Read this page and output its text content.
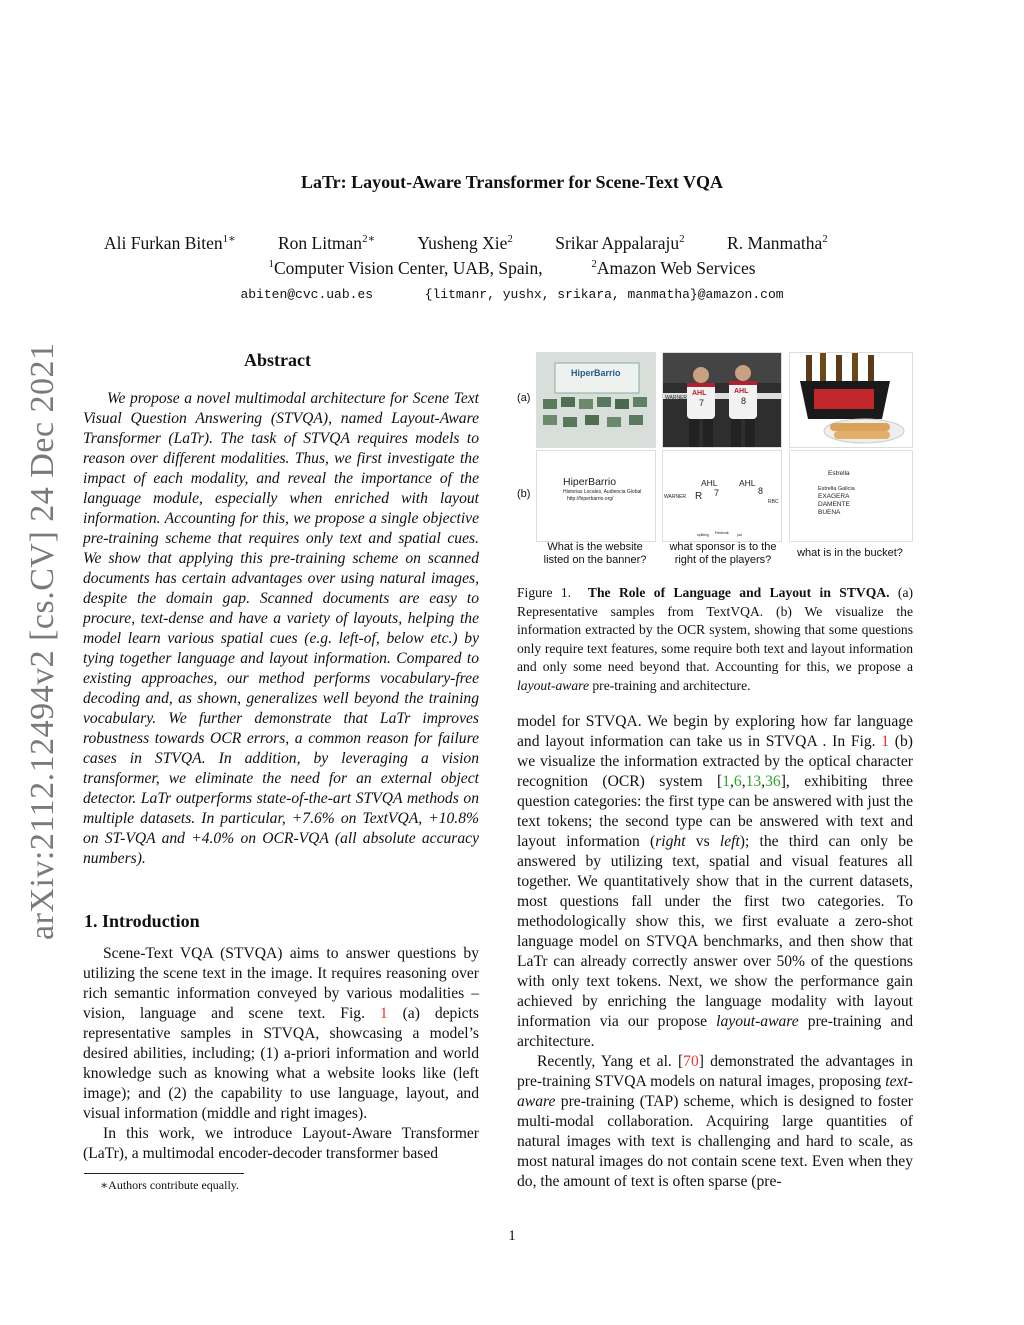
LaTr: Layout-Aware Transformer for Scene-Text VQA
Ali Furkan Biten$^{1∗}$ Ron Litman$^{2∗}$ Yusheng Xie$^2$ Srikar Appalaraju$^2$ R. Manmatha$^2$
$^1$Computer Vision Center, UAB, Spain,	$^2$Amazon Web Services
abiten@cvc.uab.es	{litmanr, yushx, srikara, manmatha}@amazon.com
arXiv:2112.12494v2 [cs.CV] 24 Dec 2021	Abstract
We propose a novel multimodal architecture for Scene Text Visual Question Answering (STVQA), named Layout-Aware Transformer (LaTr). The task of STVQA requires models to reason over different modalities. Thus, we first investigate the impact of each modality, and reveal the importance of the language module, especially when enriched with layout information. Accounting for this, we propose a single objective pre-training scheme that requires only text and spatial cues. We show that applying this pre-training scheme on scanned documents has certain advantages over using natural images, despite the domain gap. Scanned documents are easy to procure, text-dense and have a variety of layouts, helping the model learn various spatial cues (e.g. left-of, below etc.) by tying together language and layout information. Compared to existing approaches, our method performs vocabulary-free decoding and, as shown, generalizes well beyond the training vocabulary. We further demonstrate that LaTr improves robustness towards OCR errors, a common reason for failure cases in STVQA. In addition, by leveraging a vision transformer, we eliminate the need for an external object detector. LaTr outperforms state-of-the-art STVQA methods on multiple datasets. In particular, +7.6% on TextVQA, +10.8% on ST-VQA and +4.0% on OCR-VQA (all absolute accuracy numbers).
1. Introduction

Scene-Text VQA (STVQA) aims to answer questions by utilizing the scene text in the image. It requires reasoning over rich semantic information conveyed by various modalities – vision, language and scene text. Fig. 1 (a) depicts representative samples in STVQA, showcasing a model’s desired abilities, including; (1) a-priori information and world knowledge such as knowing what a website looks like (left image); and (2) the capability to use language, layout, and visual information (middle and right images).

In this work, we introduce Layout-Aware Transformer (LaTr), a multimodal encoder-decoder transformer based

∗Authors contribute equally.
(a)
(b)
HiperBarrio
AHL	AHL
7	8
WARNER
HiperBarrio
Historias Locales, Audiencia Global
http://hiperbarrio.org/
AHL	AHL
8
R 7
WARNER
RBC
Reebok
splitting	yal
Estrella
Estrella Galicia
EXAGERA
DAMENTE
BUENA
What is the website listed on the banner?
what sponsor is to the right of the players?
what is in the bucket?
Figure 1. The Role of Language and Layout in STVQA. (a) Representative samples from TextVQA. (b) We visualize the information extracted by the OCR system, showing that some questions only require text features, some require both text and layout information and only some need beyond that. Accounting for this, we propose a layout-aware pre-training and architecture.

model for STVQA. We begin by exploring how far language and layout information can take us in STVQA . In Fig. 1 (b) we visualize the information extracted by the optical character recognition (OCR) system [1,6,13,36], exhibiting three question categories: the first type can be answered with just the text tokens; the second type can be answered with text and layout information (right vs left); the third can only be answered by utilizing text, spatial and visual features all together. We quantitatively show that in the current datasets, most questions fall under the first two categories. To methodologically show this, we first evaluate a zero-shot language model on STVQA benchmarks, and then show that LaTr can already correctly answer over 50% of the questions with only text tokens. Next, we show the performance gain achieved by enriching the language modality with layout information via our propose layout-aware pre-training and architecture.

Recently, Yang et al. [70] demonstrated the advantages in pre-training STVQA models on natural images, proposing text-aware pre-training (TAP) scheme, which is designed to foster multi-modal collaboration. Acquiring large quantities of natural images with text is challenging and hard to scale, as most natural images do not contain scene text. Even when they do, the amount of text is often sparse (pre-

1
